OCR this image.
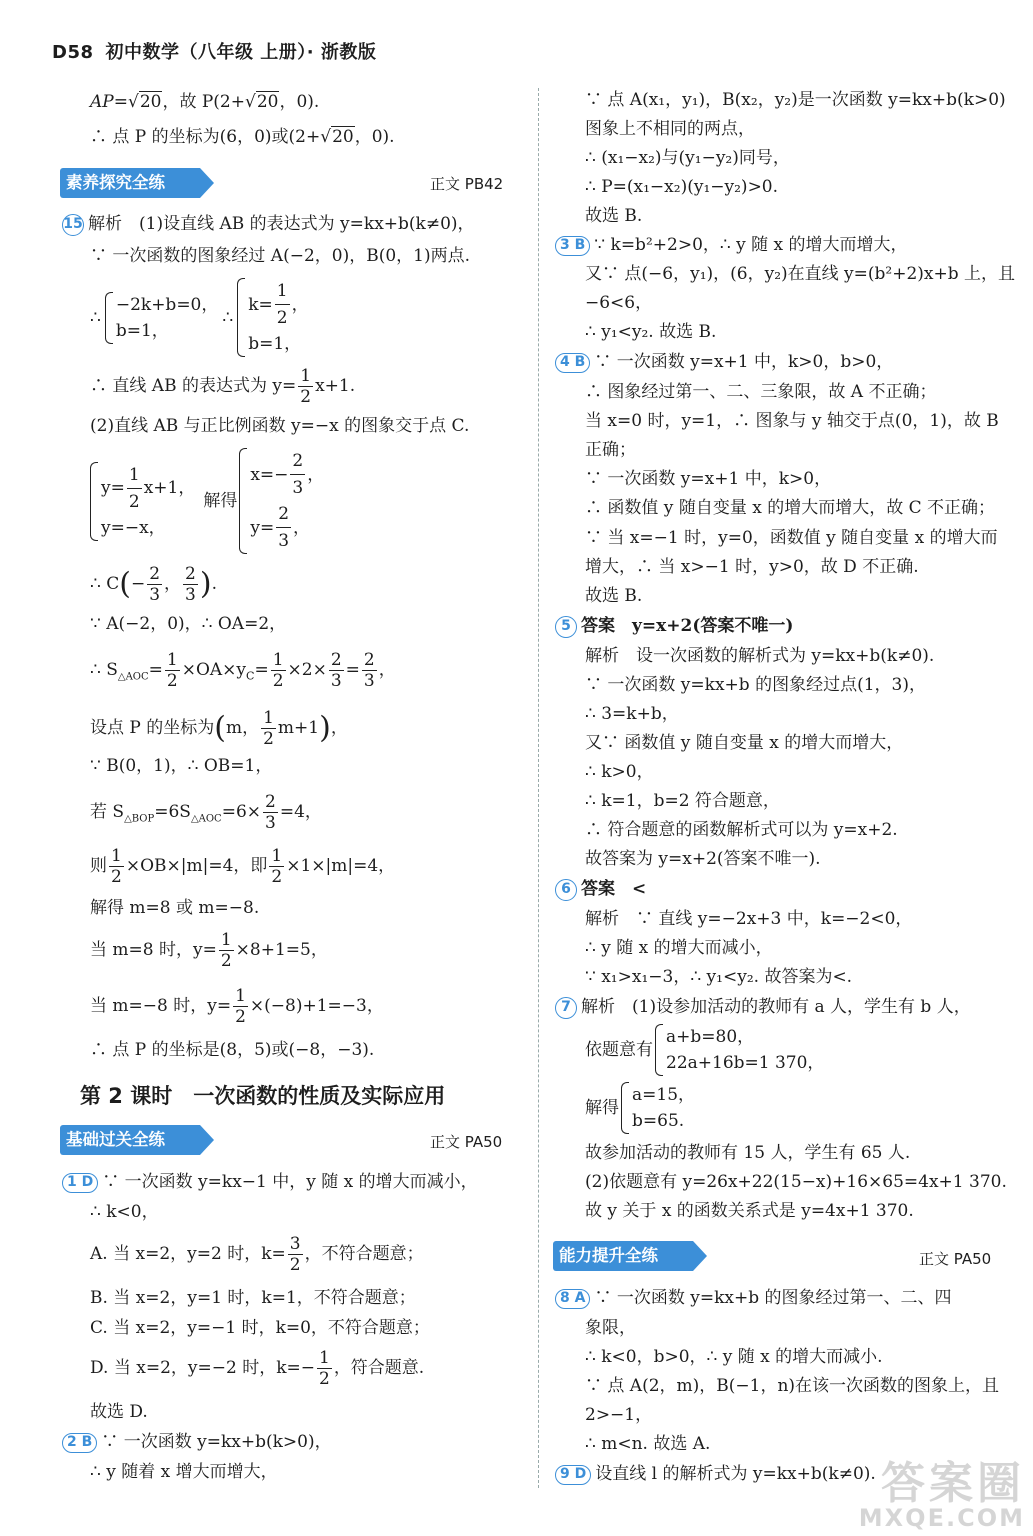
D58 初中数学（八年级 上册）· 浙教版
AP=√20，故 P(2+√20，0).
∴ 点 P 的坐标为(6，0)或(2+√20，0).
素养探究全练	正文 PB42
15 解析　(1)设直线 AB 的表达式为 y=kx+b(k≠0)，
∵ 一次函数的图象经过 A(−2，0)，B(0，1)两点.
∴
−2k+b=0，
b=1，
∴
$k= \frac{1}{2}$ ，
b=1，
∴ 直线 AB 的表达式为 $y= \frac{1}{2} x+1$.
(2)直线 AB 与正比例函数 y=−x 的图象交于点 C.
$y= \frac{1}{2} x+1$，
y=−x，
解得
$x=- \frac{2}{3}$ ，
$y= \frac{2}{3}$ ，
∴ $C(- \frac{2}{3}$ ， $\frac{2}{3}$ ).
∵ A(−2，0)，∴ OA=2，
∴ $S_{\triangle AOC}= \frac{1}{2} \times OA\times y_C= \frac{1}{2} \times 2\times \frac{2}{3} = \frac{2}{3}$ ，
设点 P 的坐标为(m， $\frac{1}{2} m+1$)，
∵ B(0，1)，∴ OB=1，
若 $S_{\triangle BOP}=6S_{\triangle AOC}=6\times \frac{2}{3} =4$，
则 $\frac{1}{2} \times OB\times|m|=4$，即 $\frac{1}{2} \times 1\times|m|=4$，
解得 m=8 或 m=−8.
当 m=8 时，$y= \frac{1}{2} \times 8+1=5$，
当 m=−8 时，$y= \frac{1}{2} \times(-8)+1=-3$，
∴ 点 P 的坐标是(8，5)或(−8，−3).
第 2 课时　一次函数的性质及实际应用
基础过关全练	正文 PA50
1 D ∵ 一次函数 y=kx−1 中，y 随 x 的增大而减小，
∴ k<0，
A. 当 x=2，y=2 时，$k= \frac{3}{2}$ ，不符合题意；
B. 当 x=2，y=1 时，k=1，不符合题意；
C. 当 x=2，y=−1 时，k=0，不符合题意；
D. 当 x=2，y=−2 时，$k=- \frac{1}{2}$ ，符合题意.
故选 D.
2 B ∵ 一次函数 y=kx+b(k>0)，
∴ y 随着 x 增大而增大，
∵ 点 A(x₁，y₁)，B(x₂，y₂)是一次函数 y=kx+b(k>0)
图象上不相同的两点，
∴ (x₁−x₂)与(y₁−y₂)同号，
∴ P=(x₁−x₂)(y₁−y₂)>0.
故选 B.
3 B ∵ k=b²+2>0，∴ y 随 x 的增大而增大，
又∵ 点(−6，y₁)，(6，y₂)在直线 y=(b²+2)x+b 上，且
−6<6，
∴ y₁<y₂. 故选 B.
4 B ∵ 一次函数 y=x+1 中，k>0，b>0，
∴ 图象经过第一、二、三象限，故 A 不正确；
当 x=0 时，y=1，∴ 图象与 y 轴交于点(0，1)，故 B
正确；
∵ 一次函数 y=x+1 中，k>0，
∴ 函数值 y 随自变量 x 的增大而增大，故 C 不正确；
∵ 当 x=−1 时，y=0，函数值 y 随自变量 x 的增大而
增大，∴ 当 x>−1 时，y>0，故 D 不正确.
故选 B.
5 答案　y=x+2(答案不唯一)
解析　设一次函数的解析式为 y=kx+b(k≠0).
∵ 一次函数 y=kx+b 的图象经过点(1，3)，
∴ 3=k+b，
又∵ 函数值 y 随自变量 x 的增大而增大，
∴ k>0，
∴ k=1，b=2 符合题意，
∴ 符合题意的函数解析式可以为 y=x+2.
故答案为 y=x+2(答案不唯一).
6 答案　<
解析　∵ 直线 y=−2x+3 中，k=−2<0，
∴ y 随 x 的增大而减小，
∵ x₁>x₁−3，∴ y₁<y₂. 故答案为<.
7 解析　(1)设参加活动的教师有 a 人，学生有 b 人，
依题意有
a+b=80，
22a+16b=1 370，
解得
a=15，
b=65.
故参加活动的教师有 15 人，学生有 65 人.
(2)依题意有 y=26x+22(15−x)+16×65=4x+1 370.
故 y 关于 x 的函数关系式是 y=4x+1 370.
能力提升全练	正文 PA50
8 A ∵ 一次函数 y=kx+b 的图象经过第一、二、四
象限，
∴ k<0，b>0，∴ y 随 x 的增大而减小.
∵ 点 A(2，m)，B(−1，n)在该一次函数的图象上，且
2>−1，
∴ m<n. 故选 A.
9 D 设直线 l 的解析式为 y=kx+b(k≠0). 答案圈
MXQE.COM
